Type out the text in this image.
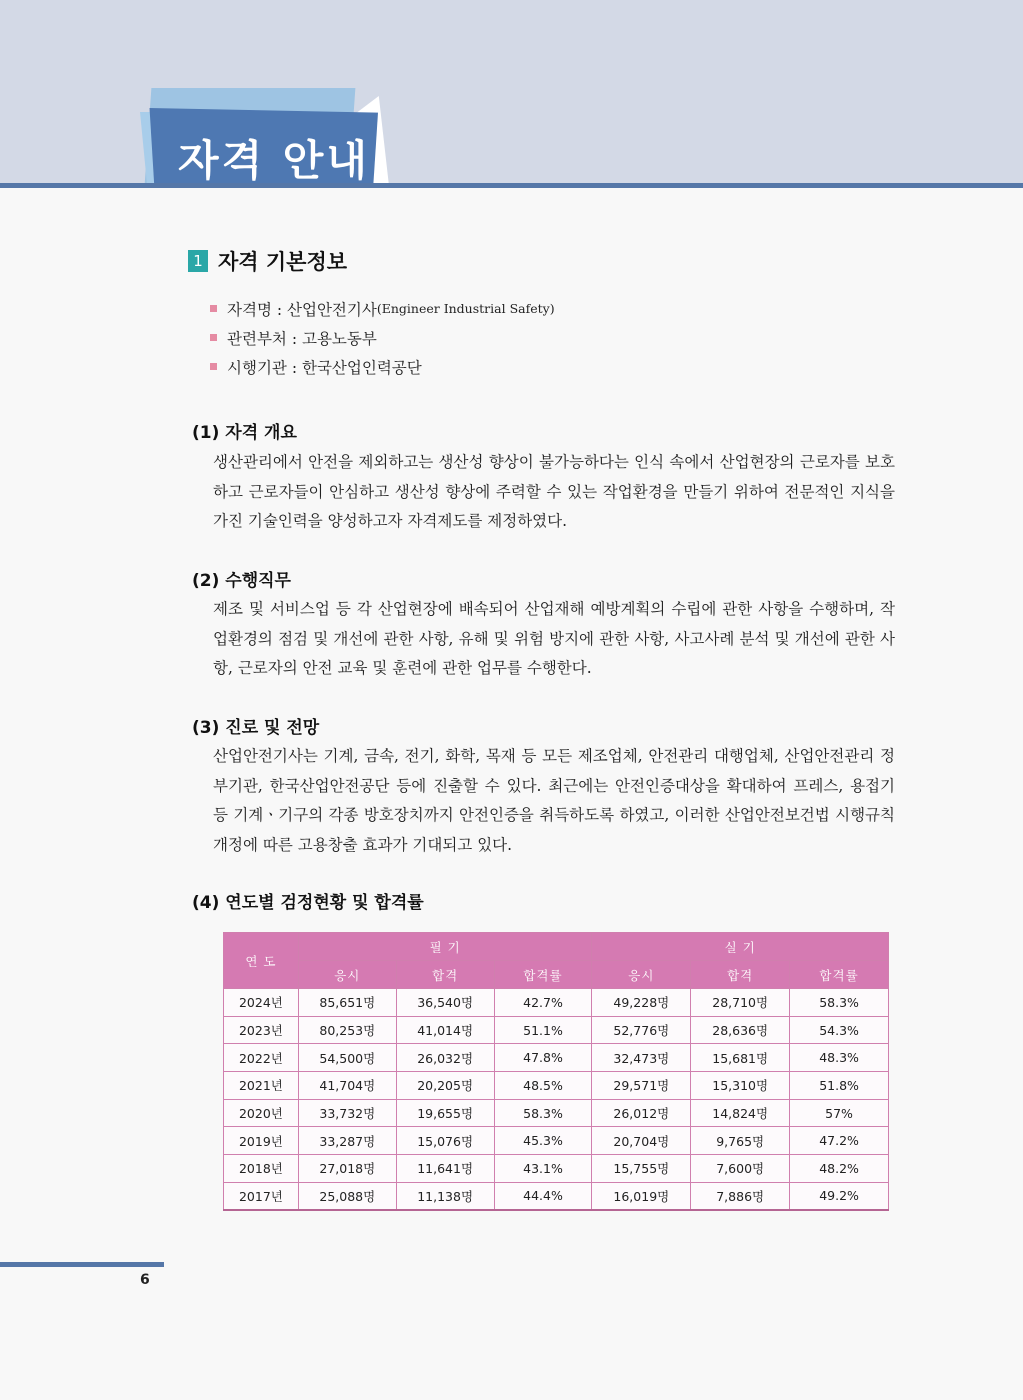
자격 안내
1 자격 기본정보
자격명 : 산업안전기사 (Engineer Industrial Safety)
관련부처 : 고용노동부
시행기관 : 한국산업인력공단
(1) 자격 개요
생산관리에서 안전을 제외하고는 생산성 향상이 불가능하다는 인식 속에서 산업현장의 근로자를 보호하고 근로자들이 안심하고 생산성 향상에 주력할 수 있는 작업환경을 만들기 위하여 전문적인 지식을 가진 기술인력을 양성하고자 자격제도를 제정하였다.
(2) 수행직무
제조 및 서비스업 등 각 산업현장에 배속되어 산업재해 예방계획의 수립에 관한 사항을 수행하며, 작업환경의 점검 및 개선에 관한 사항, 유해 및 위험 방지에 관한 사항, 사고사례 분석 및 개선에 관한 사항, 근로자의 안전 교육 및 훈련에 관한 업무를 수행한다.
(3) 진로 및 전망
산업안전기사는 기계, 금속, 전기, 화학, 목재 등 모든 제조업체, 안전관리 대행업체, 산업안전관리 정부기관, 한국산업안전공단 등에 진출할 수 있다. 최근에는 안전인증대상을 확대하여 프레스, 용접기 등 기계ㆍ기구의 각종 방호장치까지 안전인증을 취득하도록 하였고, 이러한 산업안전보건법 시행규칙 개정에 따른 고용창출 효과가 기대되고 있다.
(4) 연도별 검정현황 및 합격률
연 도	필 기			실 기		
	응시	합격	합격률	응시	합격	합격률
2024년	85,651명	36,540명	42.7%	49,228명	28,710명	58.3%
2023년	80,253명	41,014명	51.1%	52,776명	28,636명	54.3%
2022년	54,500명	26,032명	47.8%	32,473명	15,681명	48.3%
2021년	41,704명	20,205명	48.5%	29,571명	15,310명	51.8%
2020년	33,732명	19,655명	58.3%	26,012명	14,824명	57%
2019년	33,287명	15,076명	45.3%	20,704명	9,765명	47.2%
2018년	27,018명	11,641명	43.1%	15,755명	7,600명	48.2%
2017년	25,088명	11,138명	44.4%	16,019명	7,886명	49.2%
6
